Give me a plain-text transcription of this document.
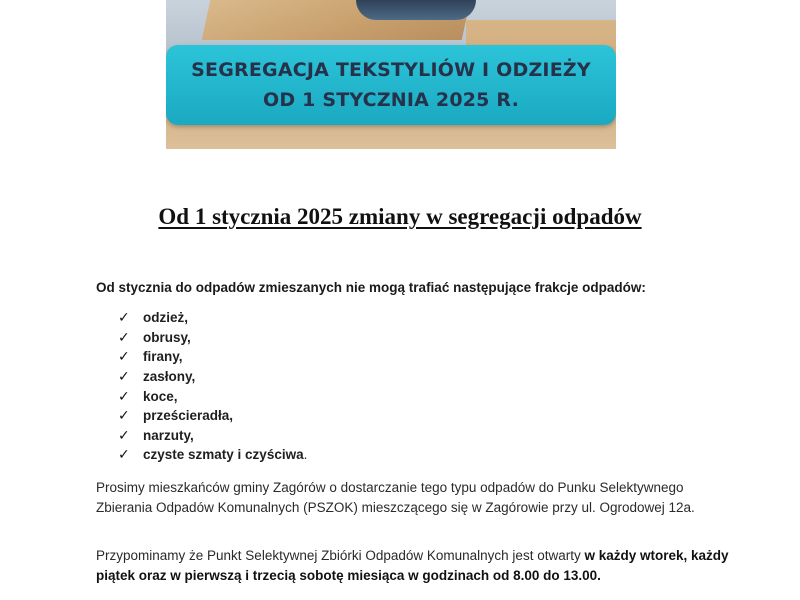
SEGREGACJA TEKSTYLIÓW I ODZIEŻY
OD 1 STYCZNIA 2025 R.
Od 1 stycznia 2025 zmiany w segregacji odpadów
Od stycznia do odpadów zmieszanych nie mogą trafiać następujące frakcje odpadów:
✓ odzież,
✓ obrusy,
✓ firany,
✓ zasłony,
✓ koce,
✓ prześcieradła,
✓ narzuty,
✓ czyste szmaty i czyściwa .
Prosimy mieszkańców gminy Zagórów o dostarczanie tego typu odpadów do Punku Selektywnego Zbierania Odpadów Komunalnych (PSZOK) mieszczącego się w Zagórowie przy ul. Ogrodowej 12a.
Przypominamy że Punkt Selektywnej Zbiórki Odpadów Komunalnych jest otwarty w każdy wtorek, każdy piątek oraz w pierwszą i trzecią sobotę miesiąca w godzinach od 8.00 do 13.00.
